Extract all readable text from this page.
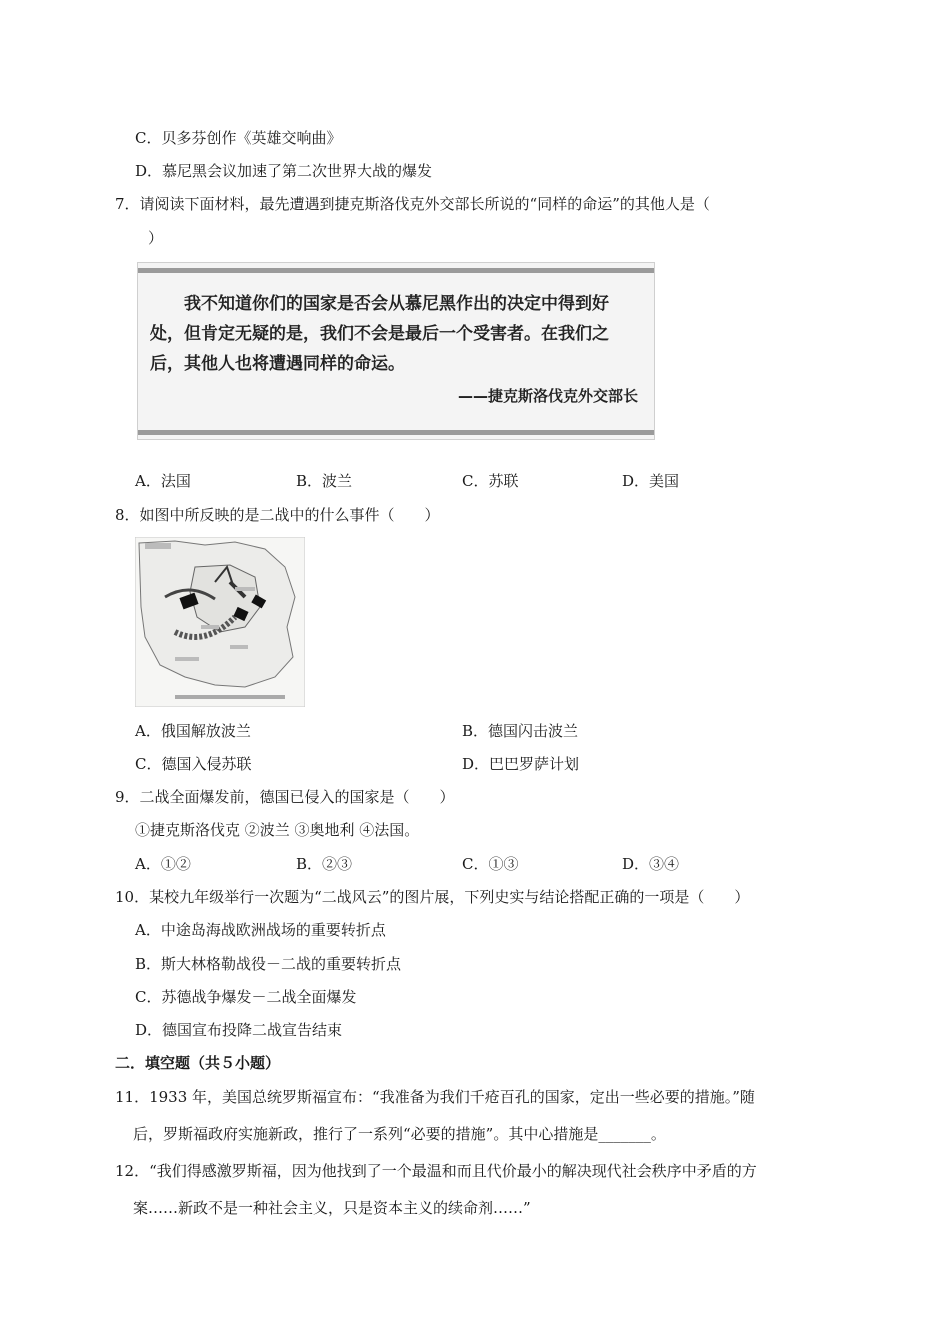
C．贝多芬创作《英雄交响曲》
D．慕尼黑会议加速了第二次世界大战的爆发
7．请阅读下面材料，最先遭遇到捷克斯洛伐克外交部长所说的“同样的命运”的其他人是（
）
我不知道你们的国家是否会从慕尼黑作出的决定中得到好处，但肯定无疑的是，我们不会是最后一个受害者。在我们之后，其他人也将遭遇同样的命运。
——捷克斯洛伐克外交部长
A．法国	B．波兰	C．苏联	D．美国
8．如图中所反映的是二战中的什么事件（　　）
A．俄国解放波兰	B．德国闪击波兰
C．德国入侵苏联	D．巴巴罗萨计划
9．二战全面爆发前，德国已侵入的国家是（　　）
①捷克斯洛伐克 ②波兰 ③奥地利 ④法国。
A．①②	B．②③	C．①③	D．③④
10．某校九年级举行一次题为“二战风云”的图片展，下列史实与结论搭配正确的一项是（　　）
A．中途岛海战欧洲战场的重要转折点
B．斯大林格勒战役－二战的重要转折点
C．苏德战争爆发－二战全面爆发
D．德国宣布投降二战宣告结束
二．填空题（共５小题）
11．1933 年，美国总统罗斯福宣布：“我准备为我们千疮百孔的国家，定出一些必要的措施。”随
后，罗斯福政府实施新政，推行了一系列“必要的措施”。其中心措施是_______。
12．“我们得感激罗斯福，因为他找到了一个最温和而且代价最小的解决现代社会秩序中矛盾的方
案……新政不是一种社会主义，只是资本主义的续命剂……”
